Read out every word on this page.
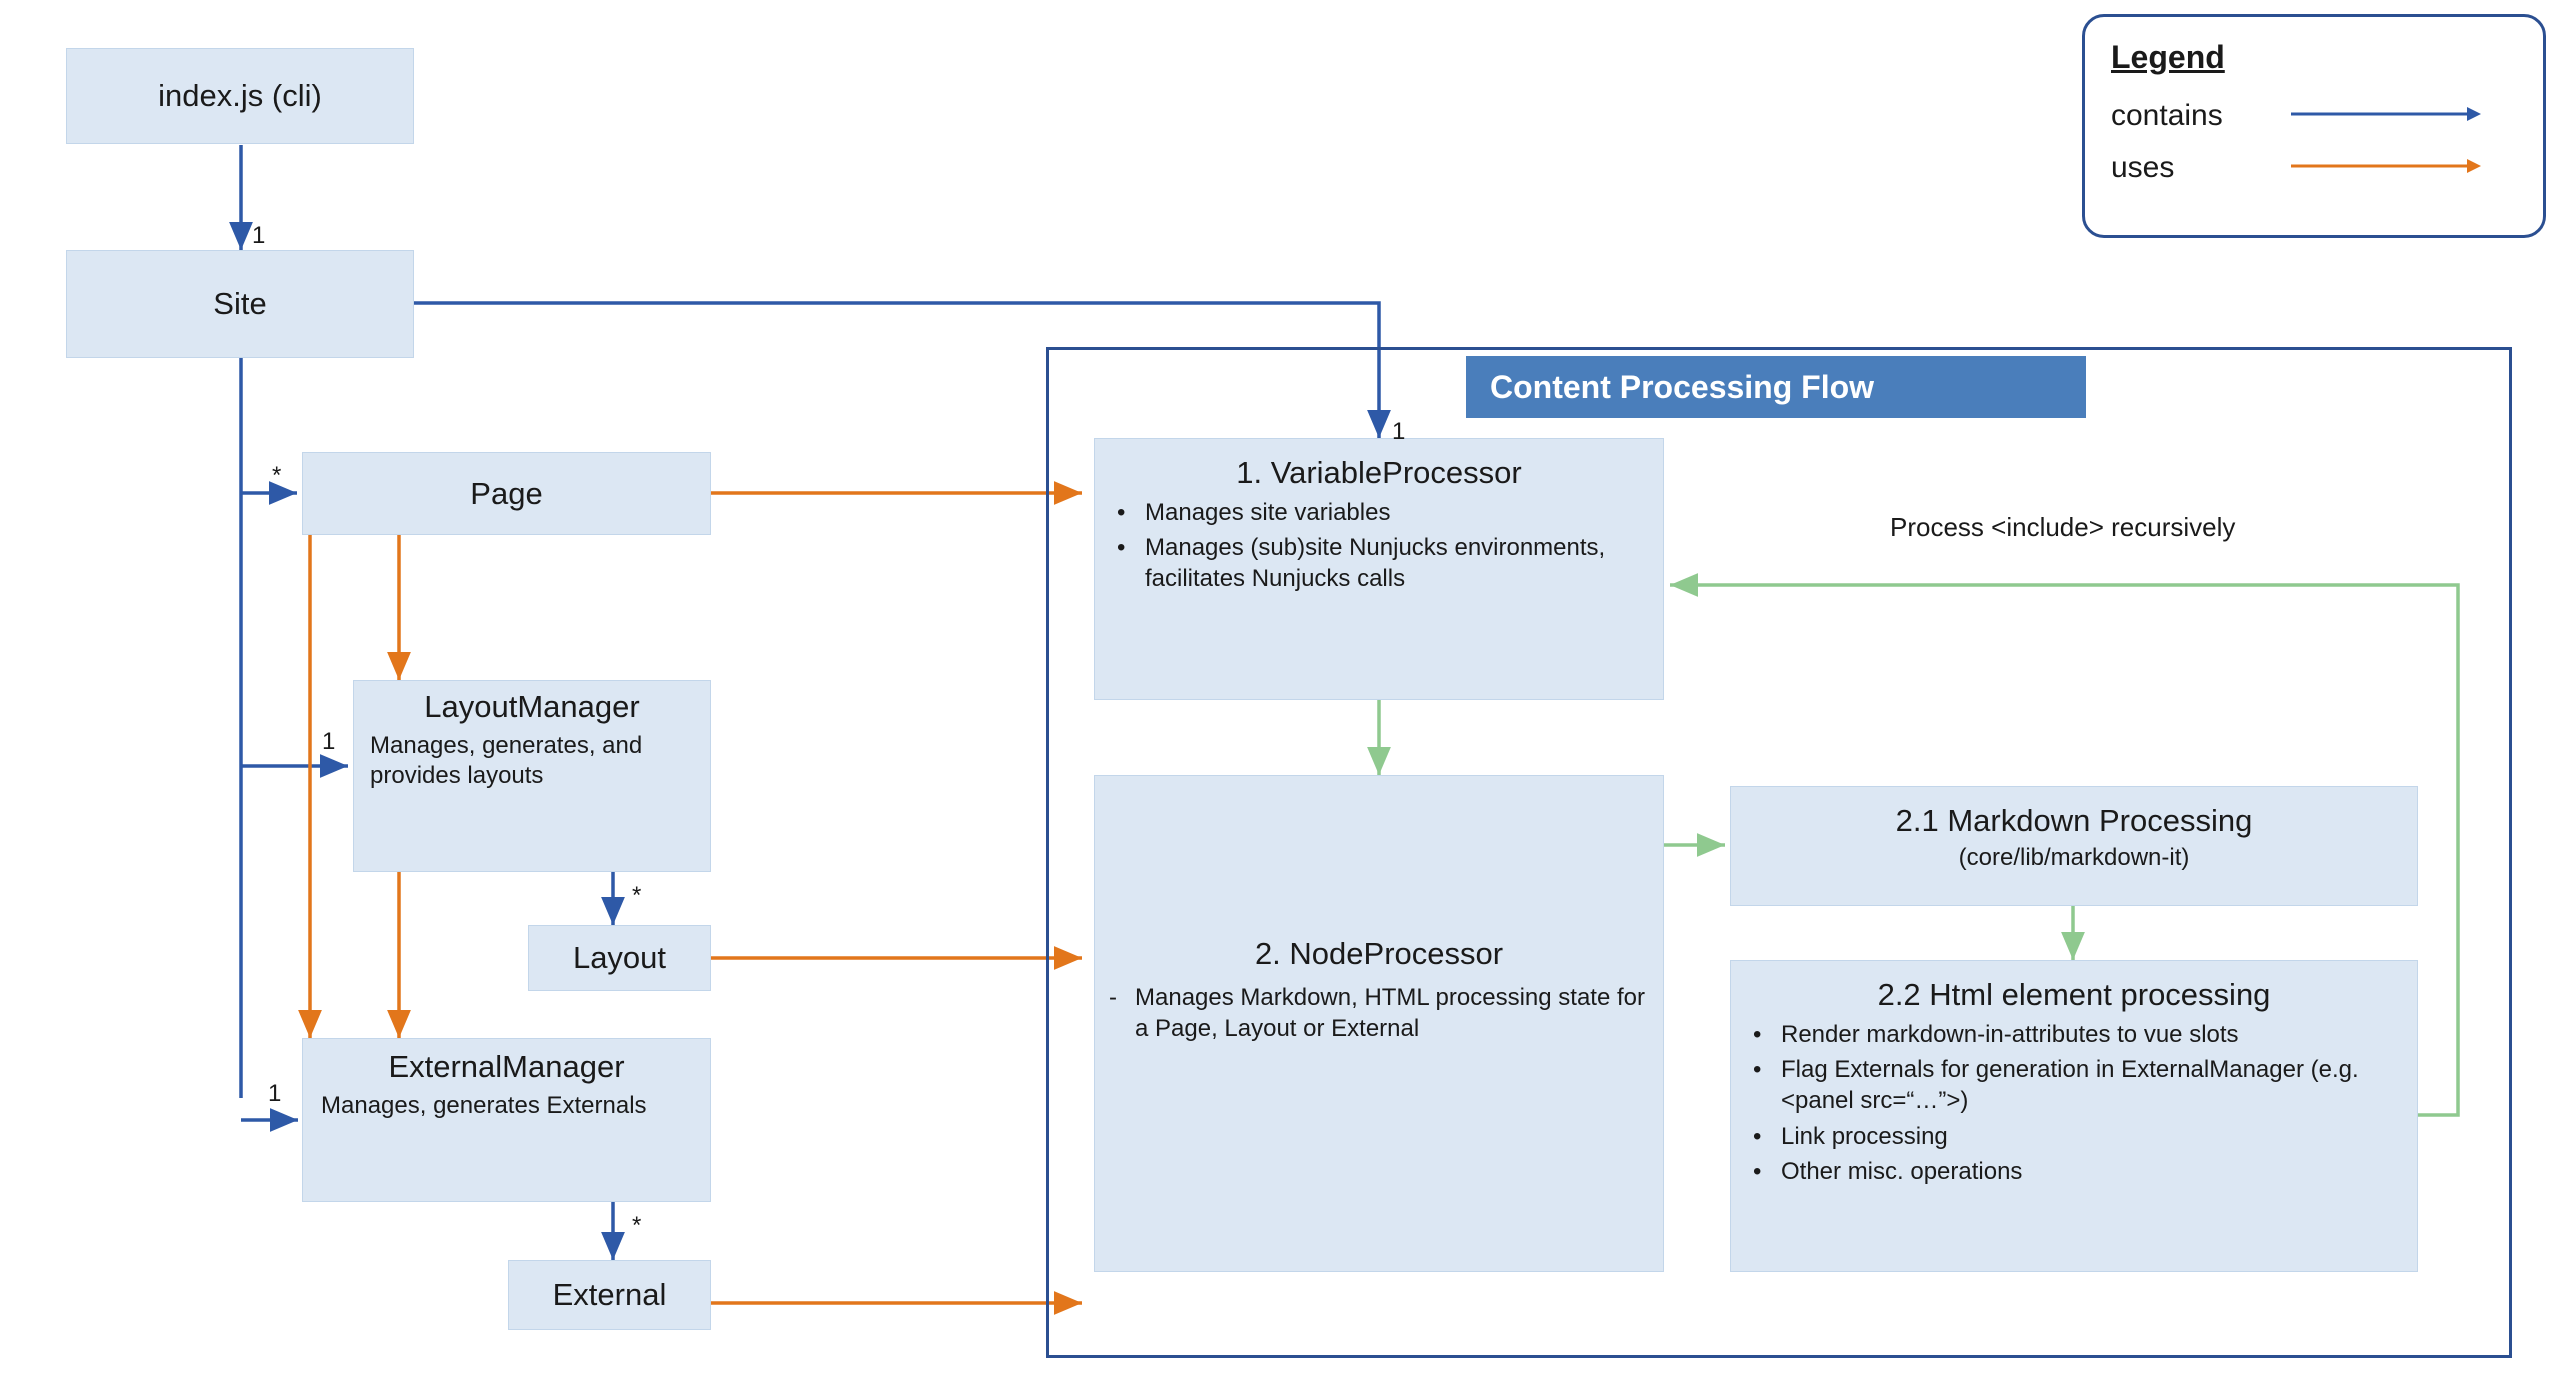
index.js (cli)
Site
Page
LayoutManager
Manages, generates, and provides layouts
Layout
ExternalManager
Manages, generates Externals
External
Content Processing Flow
1. VariableProcessor
• Manages site variables
• Manages (sub)site Nunjucks environments, facilitates Nunjucks calls
2. NodeProcessor
- Manages Markdown, HTML processing state for a Page, Layout or External
2.1 Markdown Processing
(core/lib/markdown-it)
2.2 Html element processing
• Render markdown-in-attributes to vue slots
• Flag Externals for generation in ExternalManager (e.g. <panel src=“…”>)
• Link processing
• Other misc. operations
1
*
1
1
1
*
*
Process <include> recursively
Legend
contains
uses
